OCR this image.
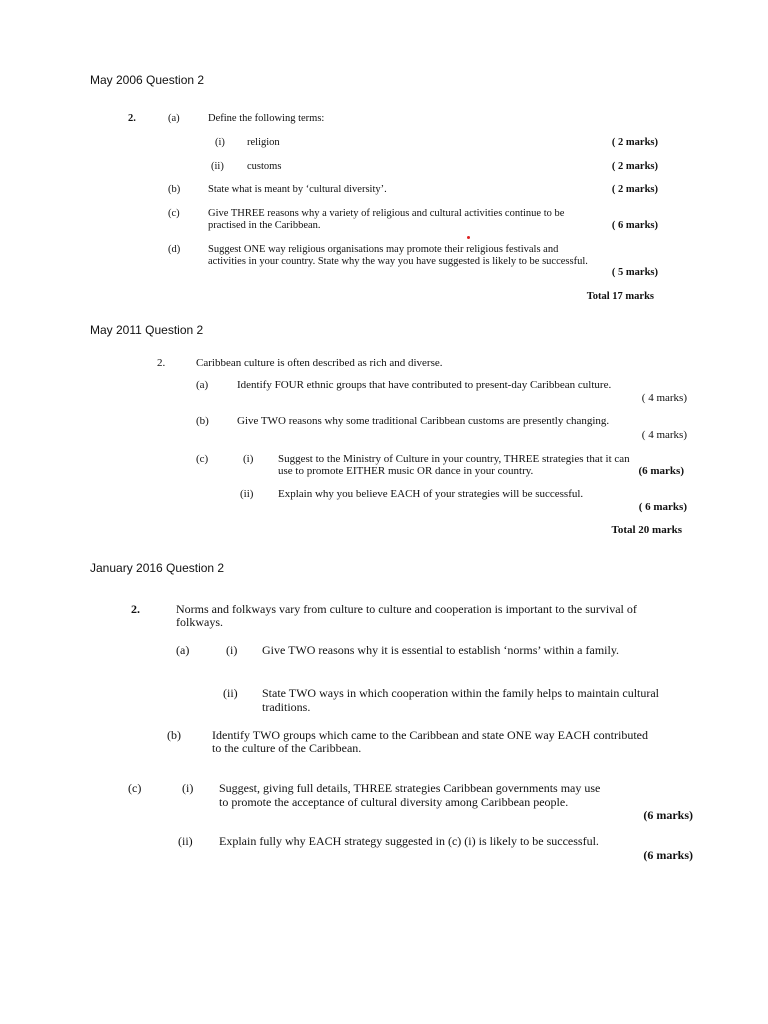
May 2006 Question 2
2.	(a)	Define the following terms:
(i) religion	( 2 marks)
(ii) customs	( 2 marks)
(b)	State what is meant by ‘cultural diversity’.	( 2 marks)
(c)	Give THREE reasons why a variety of religious and cultural activities continue to be
practised in the Caribbean.	( 6 marks)
(d)	Suggest ONE way religious organisations may promote their religious festivals and
activities in your country. State why the way you have suggested is likely to be successful.
( 5 marks)
Total 17 marks
May 2011 Question 2
2.	Caribbean culture is often described as rich and diverse.
(a)	Identify FOUR ethnic groups that have contributed to present-day Caribbean culture.
( 4 marks)
(b)	Give TWO reasons why some traditional Caribbean customs are presently changing.
( 4 marks)
(c)	(i) Suggest to the Ministry of Culture in your country, THREE strategies that it can
use to promote EITHER music OR dance in your country.	(6 marks)
(ii) Explain why you believe EACH of your strategies will be successful.
( 6 marks)
Total 20 marks
January 2016 Question 2
2.	Norms and folkways vary from culture to culture and cooperation is important to the survival of
folkways.
(a)	(i) Give TWO reasons why it is essential to establish ‘norms’ within a family.
(ii) State TWO ways in which cooperation within the family helps to maintain cultural
traditions.
(b)	Identify TWO groups which came to the Caribbean and state ONE way EACH contributed
to the culture of the Caribbean.
(c)	(i) Suggest, giving full details, THREE strategies Caribbean governments may use
to promote the acceptance of cultural diversity among Caribbean people.
(6 marks)
(ii) Explain fully why EACH strategy suggested in (c) (i) is likely to be successful.
(6 marks)
